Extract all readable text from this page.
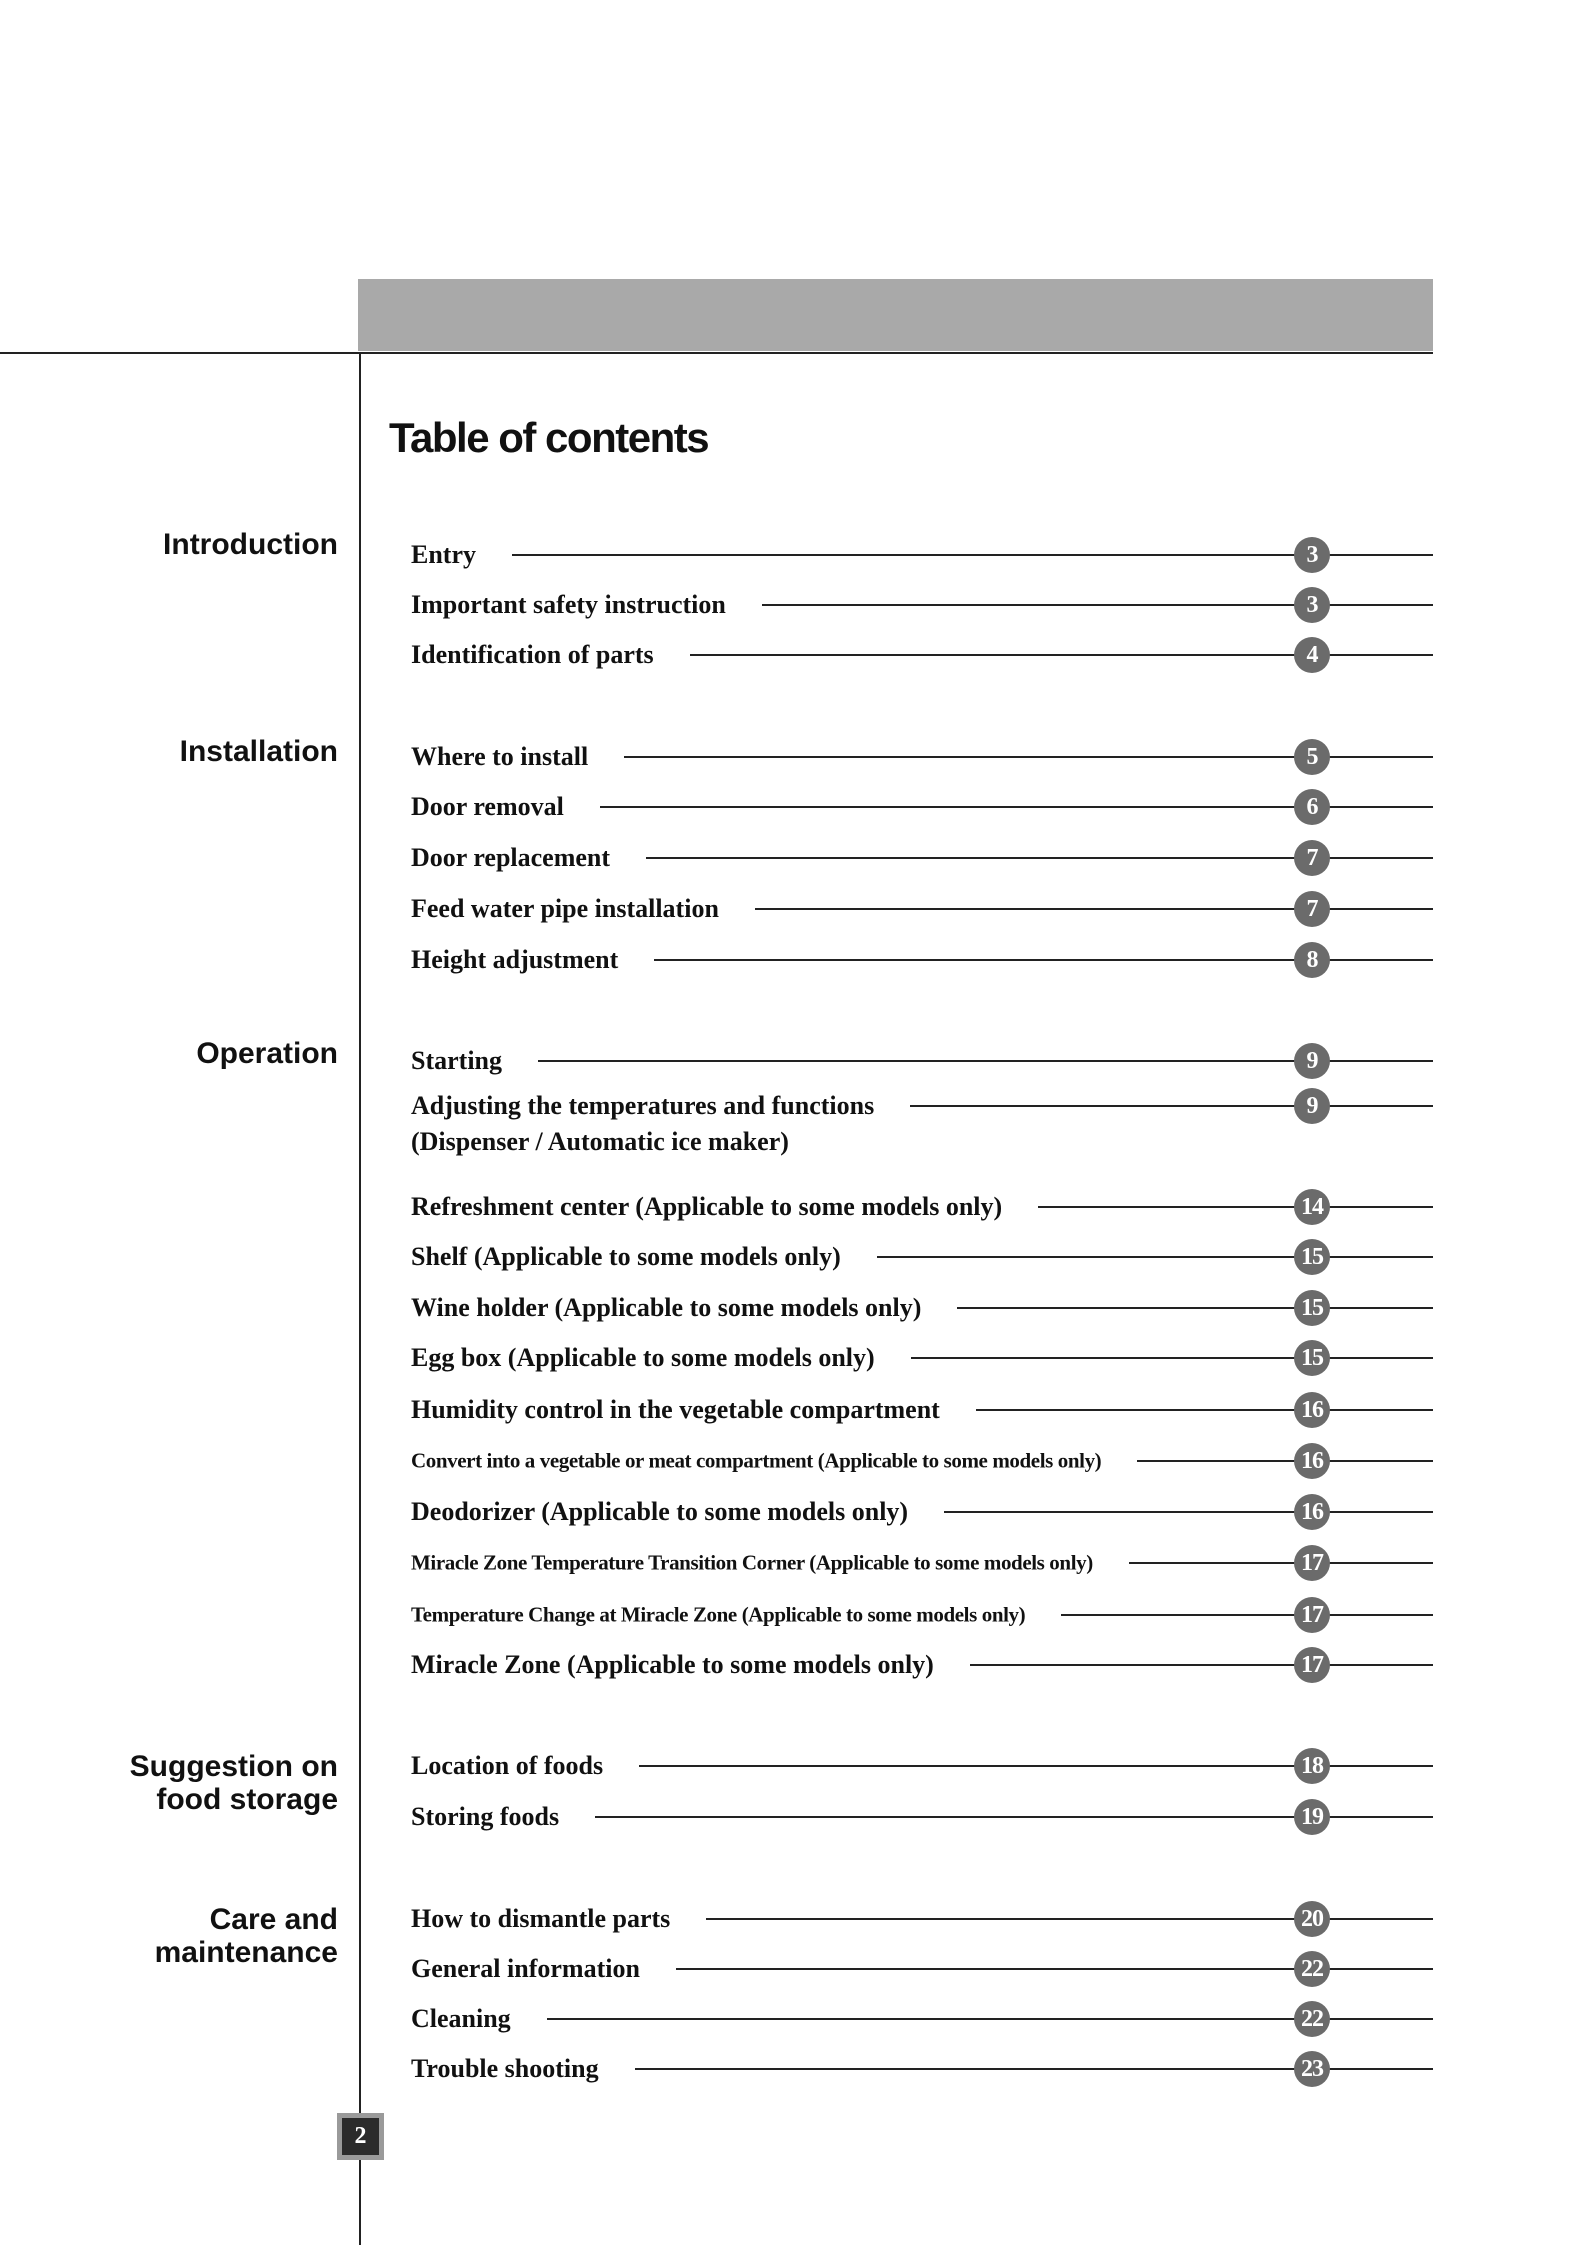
Table of contents
Introduction
Installation
Operation
Suggestion on
food storage
Care and
maintenance
Entry	3
Important safety instruction	3
Identification of parts	4
Where to install	5
Door removal	6
Door replacement	7
Feed water pipe installation	7
Height adjustment	8
Starting	9
Adjusting the temperatures and functions	9
(Dispenser / Automatic ice maker)
Refreshment center (Applicable to some models only)	14
Shelf (Applicable to some models only)	15
Wine holder (Applicable to some models only)	15
Egg box (Applicable to some models only)	15
Humidity control in the vegetable compartment	16
Convert into a vegetable or meat compartment (Applicable to some models only)	16
Deodorizer (Applicable to some models only)	16
Miracle Zone Temperature Transition Corner (Applicable to some models only)	17
Temperature Change at Miracle Zone (Applicable to some models only)	17
Miracle Zone (Applicable to some models only)	17
Location of foods	18
Storing foods	19
How to dismantle parts	20
General information	22
Cleaning	22
Trouble shooting	23
2
